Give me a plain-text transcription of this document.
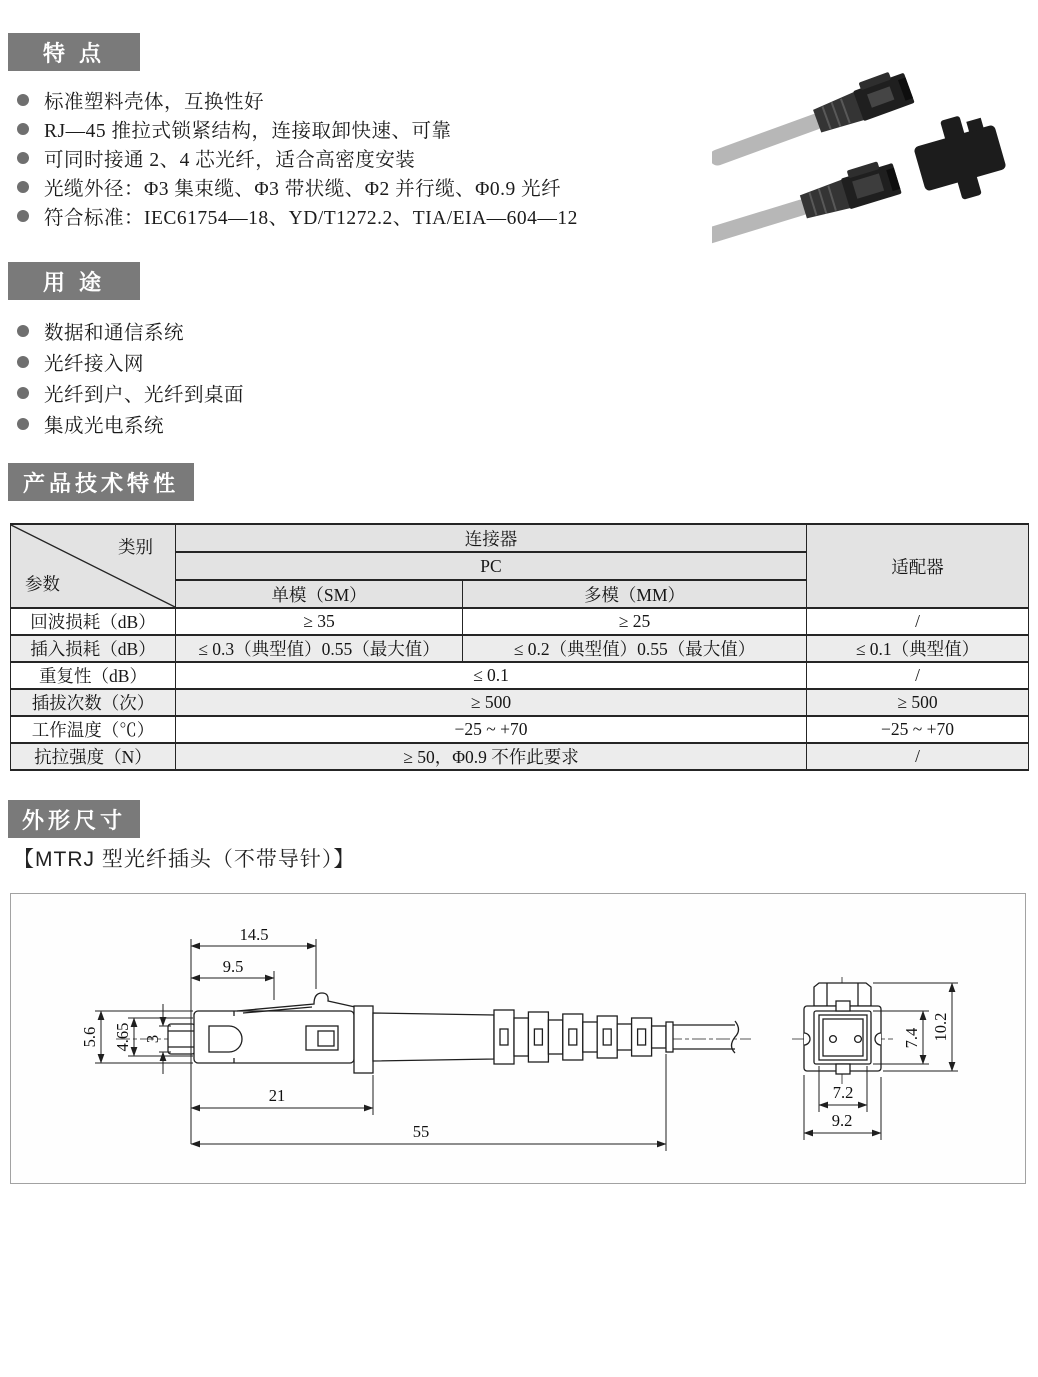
特 点
标准塑料壳体，互换性好
RJ—45 推拉式锁紧结构，连接取卸快速、可靠
可同时接通 2、4 芯光纤，适合高密度安装
光缆外径：Φ3 集束缆、Φ3 带状缆、Φ2 并行缆、Φ0.9 光纤
符合标准：IEC61754—18、YD/T1272.2、TIA/EIA—604—12
用 途
数据和通信系统
光纤接入网
光纤到户、光纤到桌面
集成光电系统
产品技术特性
类别
参数	连接器		适配器
	PC		
	单模（SM）	多模（MM）	
回波损耗（dB）	≥ 35	≥ 25	/
插入损耗（dB）	≤ 0.3（典型值）0.55（最大值）	≤ 0.2（典型值）0.55（最大值）	≤ 0.1（典型值）
重复性（dB）	≤ 0.1		/
插拔次数（次）	≥ 500		≥ 500
工作温度（℃）	−25 ~ +70		−25 ~ +70
抗拉强度（N）	≥ 50，Φ0.9 不作此要求		/
外形尺寸
【MTRJ 型光纤插头（不带导针）】
14.5
9.5
5.6 4.65 3
21
55
7.4 10.2
7.2
9.2
